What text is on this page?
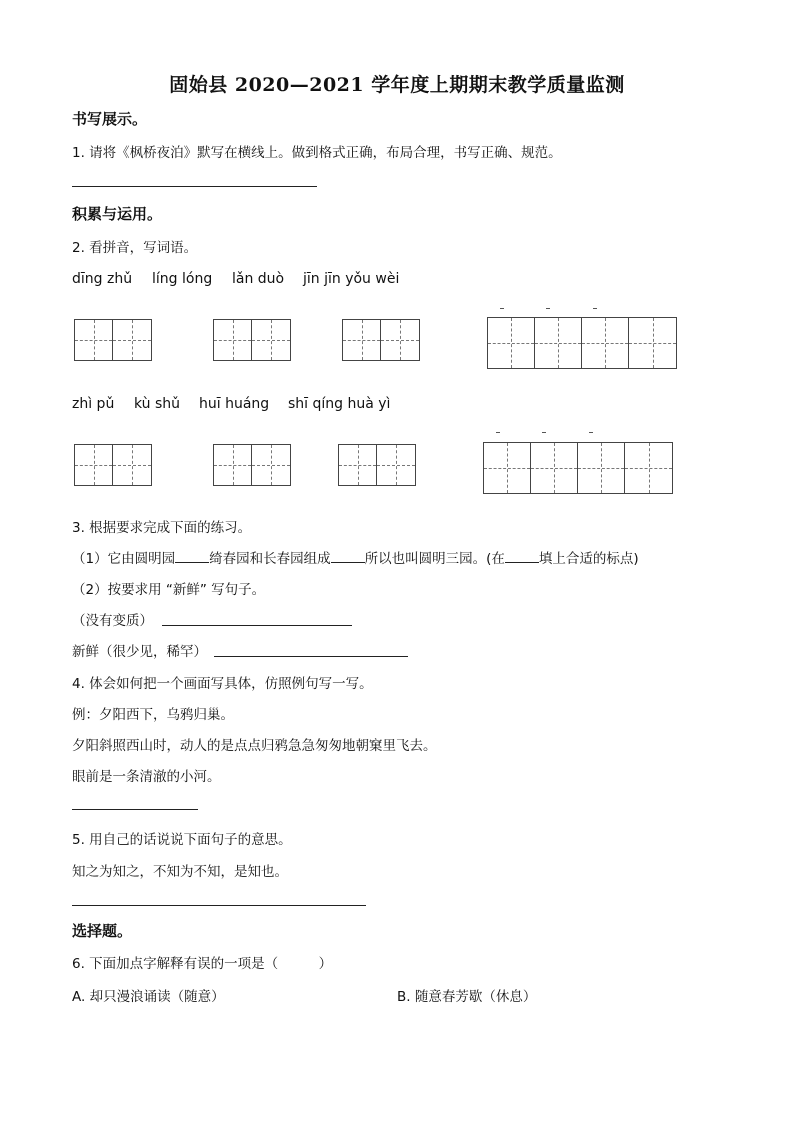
固始县 2020—2021 学年度上期期末教学质量监测
书写展示。
1. 请将《枫桥夜泊》默写在横线上。做到格式正确，布局合理，书写正确、规范。
积累与运用。
2. 看拼音，写词语。
dīng zhǔ líng lóng lǎn duò jīn jīn yǒu wèi
zhì pǔ kù shǔ huī huáng shī qíng huà yì
3. 根据要求完成下面的练习。
（1）它由圆明园	绮春园和长春园组成	所以也叫圆明三园。(在	填上合适的标点)
（2）按要求用 “新鲜” 写句子。
（没有变质）
新鲜（很少见，稀罕）
4. 体会如何把一个画面写具体，仿照例句写一写。
例：夕阳西下，乌鸦归巢。
夕阳斜照西山时，动人的是点点归鸦急急匆匆地朝窠里飞去。
眼前是一条清澈的小河。
5. 用自己的话说说下面句子的意思。
知之为知之，不知为不知，是知也。
选择题。
6. 下面加点字解释有误的一项是（　　　）
A. 却只漫浪诵读（随意）	B. 随意春芳歇（休息）
